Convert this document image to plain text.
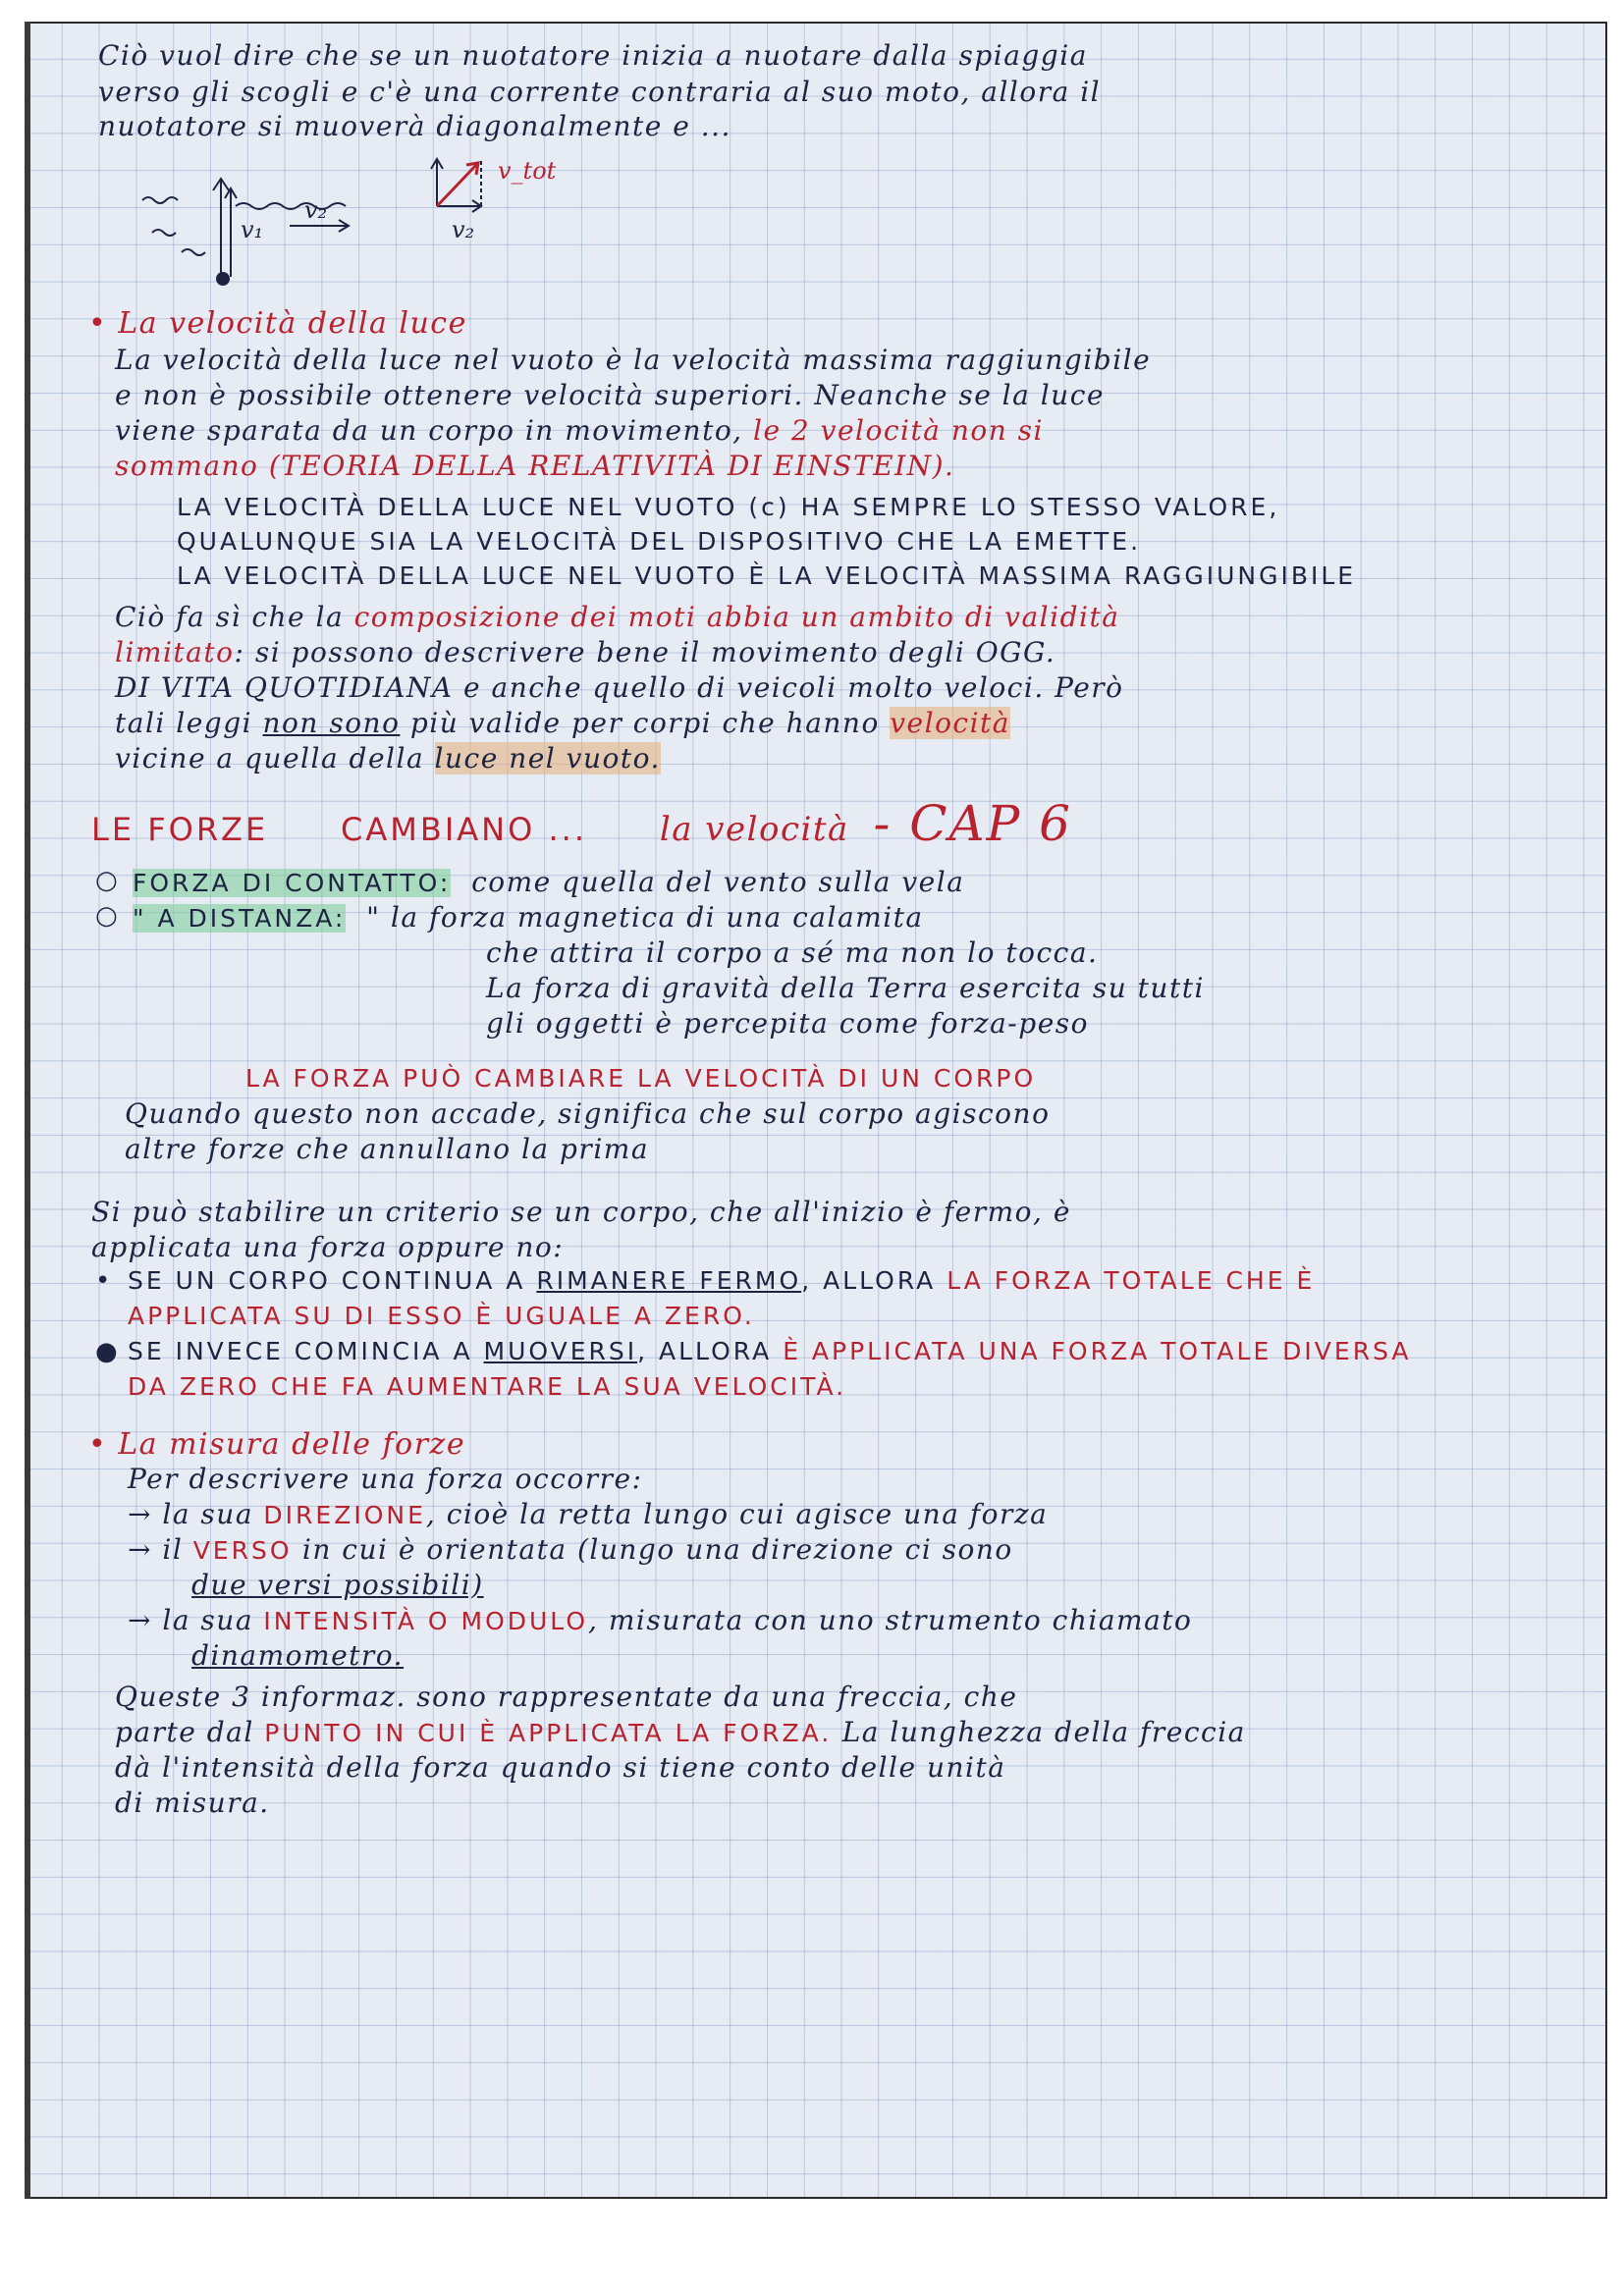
Ciò vuol dire che se un nuotatore inizia a nuotare dalla spiaggia
verso gli scogli e c'è una corrente contraria al suo moto, allora il
nuotatore si muoverà diagonalmente e ...
v₁
v₂
v₂
v_tot
• La velocità della luce
La velocità della luce nel vuoto è la velocità massima raggiungibile
e non è possibile ottenere velocità superiori. Neanche se la luce
viene sparata da un corpo in movimento, le 2 velocità non si
sommano (TEORIA DELLA RELATIVITÀ DI EINSTEIN).
LA VELOCITÀ DELLA LUCE NEL VUOTO (c) HA SEMPRE LO STESSO VALORE,
QUALUNQUE SIA LA VELOCITÀ DEL DISPOSITIVO CHE LA EMETTE.
LA VELOCITÀ DELLA LUCE NEL VUOTO È LA VELOCITÀ MASSIMA RAGGIUNGIBILE
Ciò fa sì che la composizione dei moti abbia un ambito di validità
limitato: si possono descrivere bene il movimento degli OGG.
DI VITA QUOTIDIANA e anche quello di veicoli molto veloci. Però
tali leggi non sono più valide per corpi che hanno velocità
vicine a quella della luce nel vuoto.
LE FORZE CAMBIANO ... la velocità - CAP 6
○ FORZA DI CONTATTO: come quella del vento sulla vela
○ " A DISTANZA: " la forza magnetica di una calamita
che attira il corpo a sé ma non lo tocca.
La forza di gravità della Terra esercita su tutti
gli oggetti è percepita come forza-peso
LA FORZA PUÒ CAMBIARE LA VELOCITÀ DI UN CORPO
Quando questo non accade, significa che sul corpo agiscono
altre forze che annullano la prima
Si può stabilire un criterio se un corpo, che all'inizio è fermo, è
applicata una forza oppure no:
• SE UN CORPO CONTINUA A RIMANERE FERMO, ALLORA LA FORZA TOTALE CHE È
APPLICATA SU DI ESSO È UGUALE A ZERO.
● SE INVECE COMINCIA A MUOVERSI, ALLORA È APPLICATA UNA FORZA TOTALE DIVERSA
DA ZERO CHE FA AUMENTARE LA SUA VELOCITÀ.
• La misura delle forze
Per descrivere una forza occorre:
→ la sua DIREZIONE, cioè la retta lungo cui agisce una forza
→ il VERSO in cui è orientata (lungo una direzione ci sono
due versi possibili)
→ la sua INTENSITÀ O MODULO, misurata con uno strumento chiamato
dinamometro.
Queste 3 informaz. sono rappresentate da una freccia, che
parte dal PUNTO IN CUI È APPLICATA LA FORZA. La lunghezza della freccia
dà l'intensità della forza quando si tiene conto delle unità
di misura.
